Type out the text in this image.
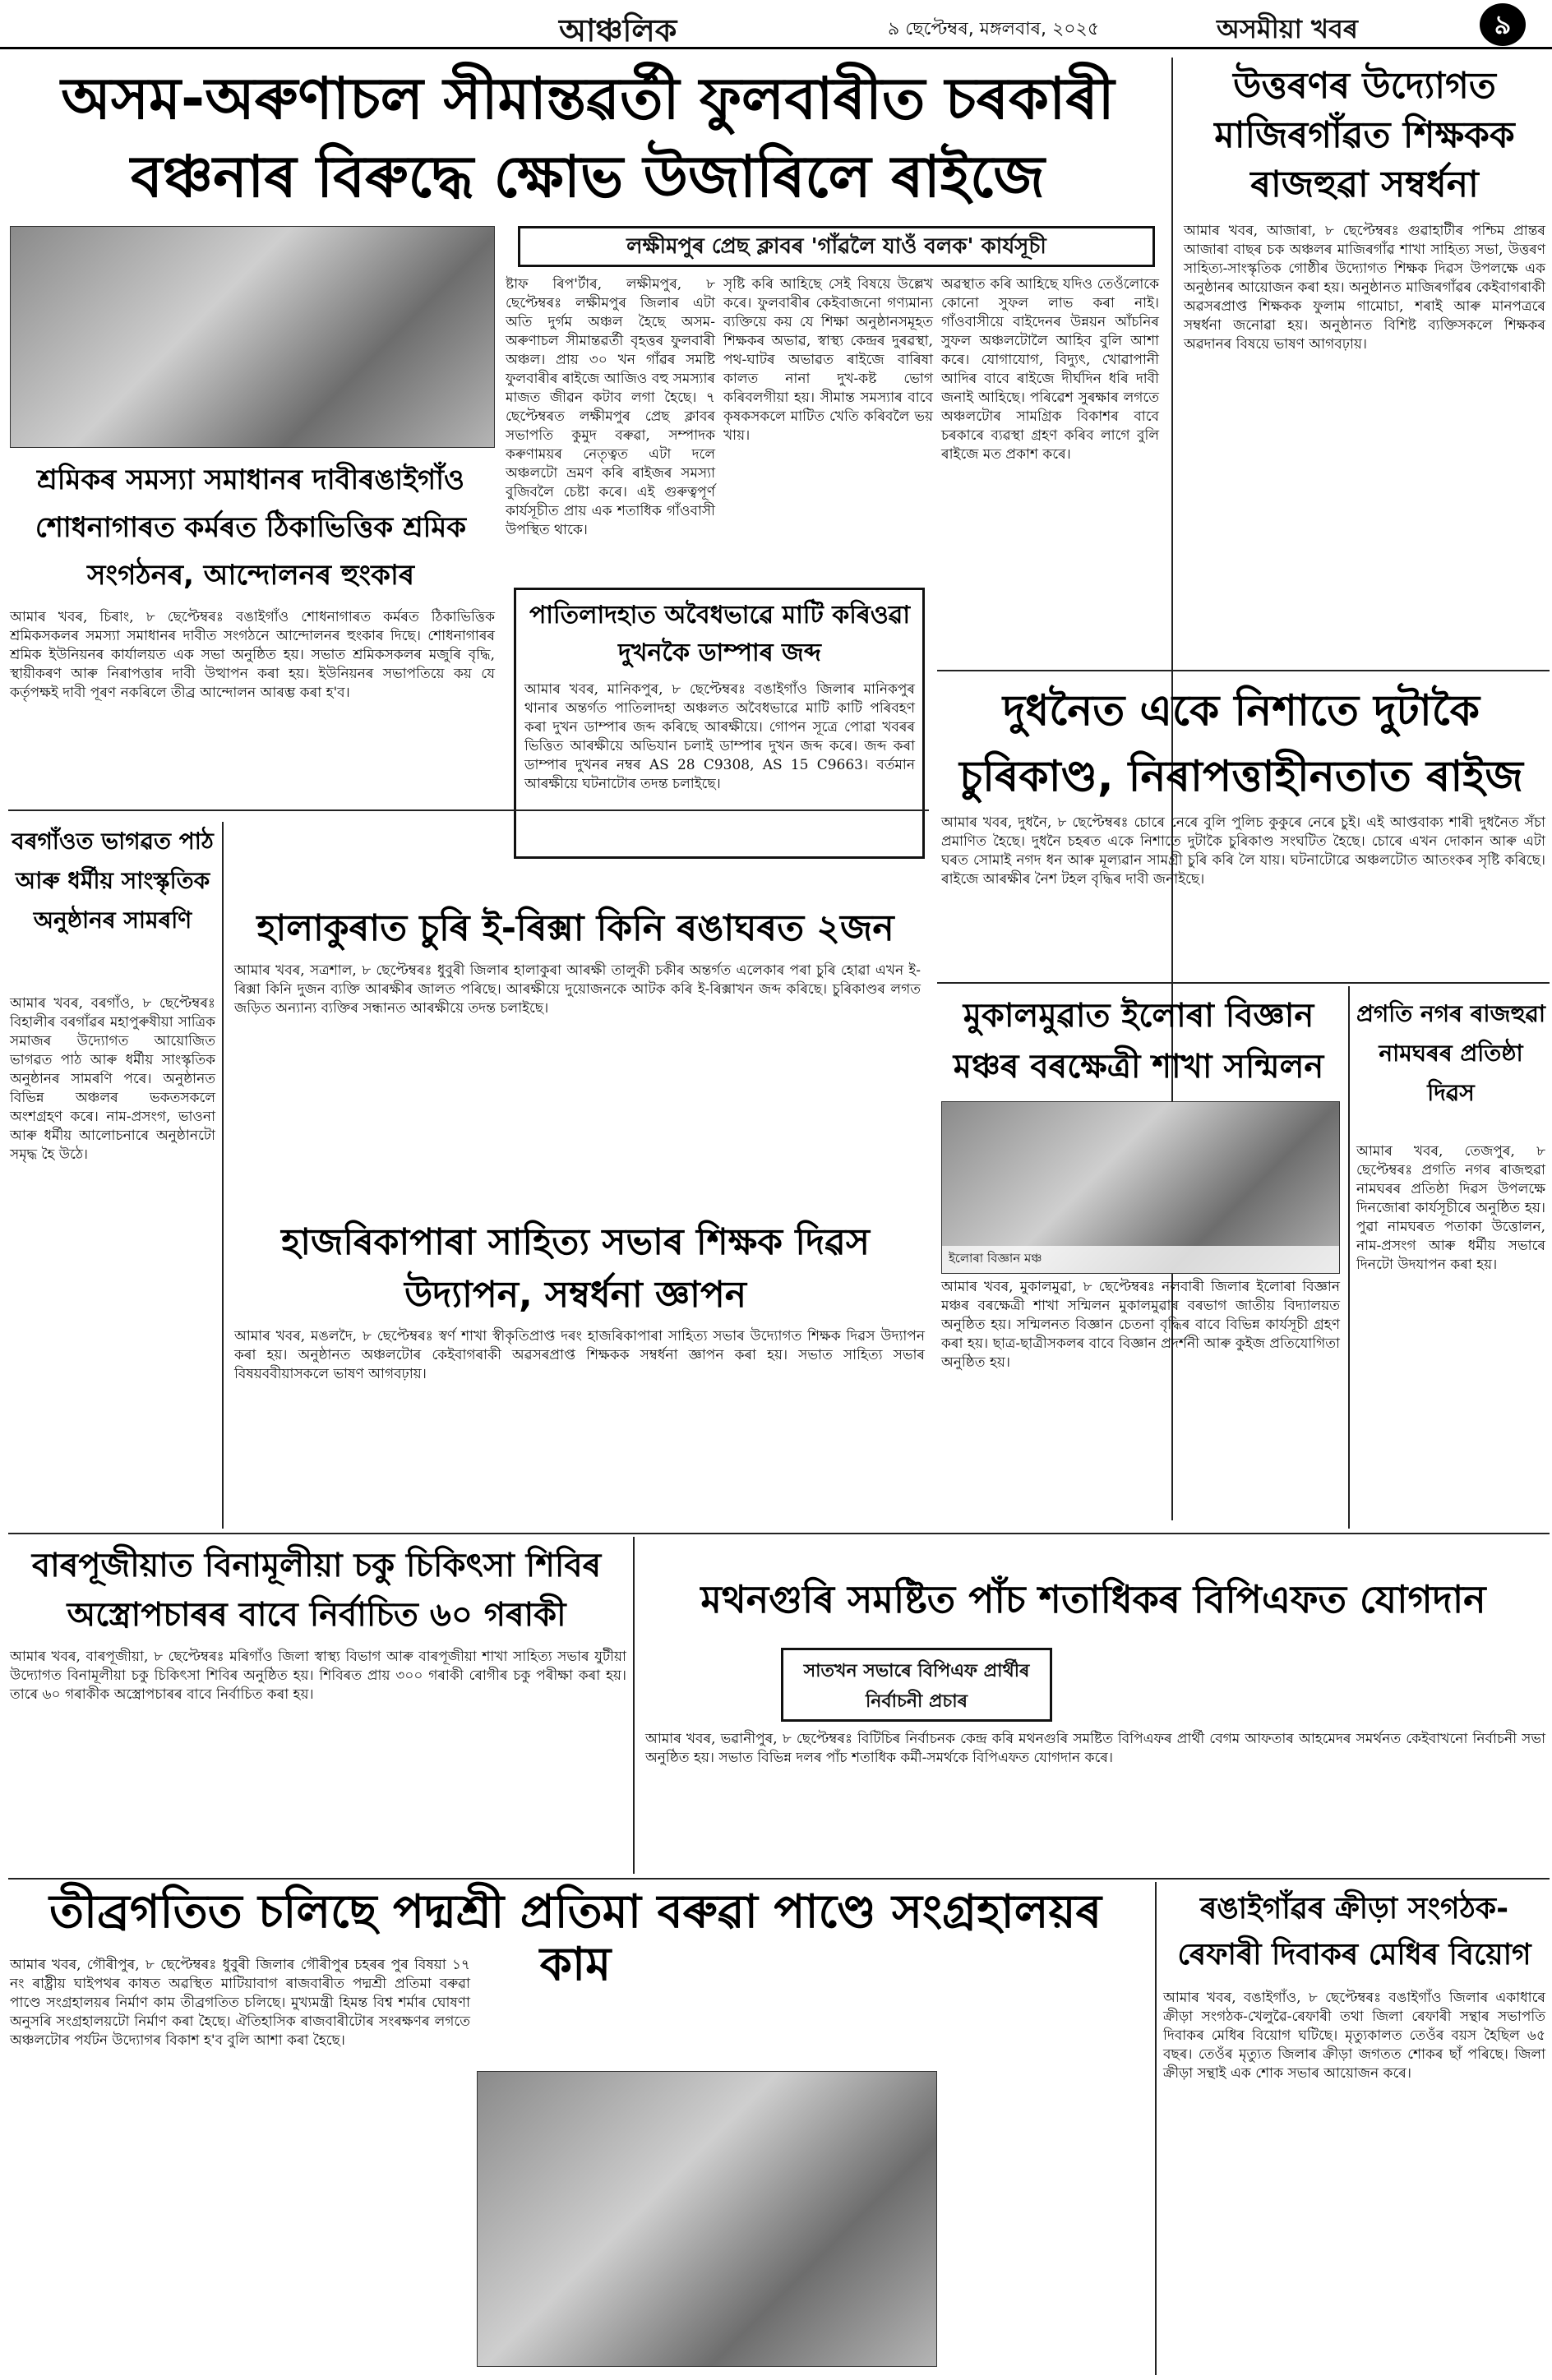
আঞ্চলিক	৯ ছেপ্টেম্বৰ, মঙ্গলবাৰ, ২০২৫	অসমীয়া খবৰ	৯
অসম-অৰুণাচল সীমান্তৱৰ্তী ফুলবাৰীত চৰকাৰী
বঞ্চনাৰ বিৰুদ্ধে ক্ষোভ উজাৰিলে ৰাইজে
উত্তৰণৰ উদ্যোগত মাজিৰগাঁৱত শিক্ষকক ৰাজহুৱা সম্বৰ্ধনা
আমাৰ খবৰ, আজাৰা, ৮ ছেপ্টেম্বৰঃ গুৱাহাটীৰ পশ্চিম প্ৰান্তৰ আজাৰা বাছৰ চক অঞ্চলৰ মাজিৰগাঁৱ শাখা সাহিত্য সভা, উত্তৰণ সাহিত্য-সাংস্কৃতিক গোষ্ঠীৰ উদ্যোগত শিক্ষক দিৱস উপলক্ষে এক অনুষ্ঠানৰ আয়োজন কৰা হয়। অনুষ্ঠানত মাজিৰগাঁৱৰ কেইবাগৰাকী অৱসৰপ্ৰাপ্ত শিক্ষকক ফুলাম গামোচা, শৰাই আৰু মানপত্ৰৰে সম্বৰ্ধনা জনোৱা হয়। অনুষ্ঠানত বিশিষ্ট ব্যক্তিসকলে শিক্ষকৰ অৱদানৰ বিষয়ে ভাষণ আগবঢ়ায়।
লক্ষীমপুৰ প্ৰেছ ক্লাবৰ 'গাঁৱলৈ যাওঁ বলক' কাৰ্যসূচী
ষ্টাফ ৰিপ'ৰ্টাৰ, লক্ষীমপুৰ, ৮ ছেপ্টেম্বৰঃ লক্ষীমপুৰ জিলাৰ এটা অতি দুৰ্গম অঞ্চল হৈছে অসম-অৰুণাচল সীমান্তৱৰ্তী বৃহত্তৰ ফুলবাৰী অঞ্চল। প্ৰায় ৩০ খন গাঁৱৰ সমষ্টি ফুলবাৰীৰ ৰাইজে আজিও বহু সমস্যাৰ মাজত জীৱন কটাব লগা হৈছে। ৭ ছেপ্টেম্বৰত লক্ষীমপুৰ প্ৰেছ ক্লাবৰ সভাপতি কুমুদ বৰুৱা, সম্পাদক কৰুণাময়ৰ নেতৃত্বত এটা দলে অঞ্চলটো ভ্ৰমণ কৰি ৰাইজৰ সমস্যা বুজিবলৈ চেষ্টা কৰে। এই গুৰুত্বপূৰ্ণ কাৰ্যসূচীত প্ৰায় এক শতাধিক গাঁওবাসী উপস্থিত থাকে।
সৃষ্টি কৰি আহিছে সেই বিষয়ে উল্লেখ কৰে। ফুলবাৰীৰ কেইবাজনো গণ্যমান্য ব্যক্তিয়ে কয় যে শিক্ষা অনুষ্ঠানসমূহত শিক্ষকৰ অভাৱ, স্বাস্থ্য কেন্দ্ৰৰ দুৰৱস্থা, পথ-ঘাটৰ অভাৱত ৰাইজে বাৰিষা কালত নানা দুখ-কষ্ট ভোগ কৰিবলগীয়া হয়। সীমান্ত সমস্যাৰ বাবে কৃষকসকলে মাটিত খেতি কৰিবলৈ ভয় খায়।
অৱস্থাত কৰি আহিছে যদিও তেওঁলোকে কোনো সুফল লাভ কৰা নাই। গাঁওবাসীয়ে বাইদেনৰ উন্নয়ন আঁচনিৰ সুফল অঞ্চলটোলৈ আহিব বুলি আশা কৰে। যোগাযোগ, বিদ্যুৎ, খোৱাপানী আদিৰ বাবে ৰাইজে দীৰ্ঘদিন ধৰি দাবী জনাই আহিছে। পৰিৱেশ সুৰক্ষাৰ লগতে অঞ্চলটোৰ সামগ্ৰিক বিকাশৰ বাবে চৰকাৰে ব্যৱস্থা গ্ৰহণ কৰিব লাগে বুলি ৰাইজে মত প্ৰকাশ কৰে।
শ্ৰমিকৰ সমস্যা সমাধানৰ দাবীৰঙাইগাঁও শোধনাগাৰত কৰ্মৰত ঠিকাভিত্তিক শ্ৰমিক সংগঠনৰ, আন্দোলনৰ হুংকাৰ
আমাৰ খবৰ, চিৰাং, ৮ ছেপ্টেম্বৰঃ বঙাইগাঁও শোধনাগাৰত কৰ্মৰত ঠিকাভিত্তিক শ্ৰমিকসকলৰ সমস্যা সমাধানৰ দাবীত সংগঠনে আন্দোলনৰ হুংকাৰ দিছে। শোধনাগাৰৰ শ্ৰমিক ইউনিয়নৰ কাৰ্যালয়ত এক সভা অনুষ্ঠিত হয়। সভাত শ্ৰমিকসকলৰ মজুৰি বৃদ্ধি, স্থায়ীকৰণ আৰু নিৰাপত্তাৰ দাবী উত্থাপন কৰা হয়। ইউনিয়নৰ সভাপতিয়ে কয় যে কৰ্তৃপক্ষই দাবী পূৰণ নকৰিলে তীব্ৰ আন্দোলন আৰম্ভ কৰা হ'ব।
পাতিলাদহাত অবৈধভাৱে মাটি কৰিওৱা দুখনকৈ ডাম্পাৰ জব্দ
আমাৰ খবৰ, মানিকপুৰ, ৮ ছেপ্টেম্বৰঃ বঙাইগাঁও জিলাৰ মানিকপুৰ থানাৰ অন্তৰ্গত পাতিলাদহা অঞ্চলত অবৈধভাৱে মাটি কাটি পৰিবহণ কৰা দুখন ডাম্পাৰ জব্দ কৰিছে আৰক্ষীয়ে। গোপন সূত্ৰে পোৱা খবৰৰ ভিত্তিত আৰক্ষীয়ে অভিযান চলাই ডাম্পাৰ দুখন জব্দ কৰে। জব্দ কৰা ডাম্পাৰ দুখনৰ নম্বৰ AS 28 C9308, AS 15 C9663। বৰ্তমান আৰক্ষীয়ে ঘটনাটোৰ তদন্ত চলাইছে।
দুধনৈত একে নিশাতে দুটাকৈ চুৰিকাণ্ড, নিৰাপত্তাহীনতাত ৰাইজ
আমাৰ খবৰ, দুধনৈ, ৮ ছেপ্টেম্বৰঃ চোৰে নেৰে বুলি পুলিচ কুকুৰে নেৰে চুই। এই আপ্তবাক্য শাৰী দুধনৈত সঁচা প্ৰমাণিত হৈছে। দুধনৈ চহৰত একে নিশাতে দুটাকৈ চুৰিকাণ্ড সংঘটিত হৈছে। চোৰে এখন দোকান আৰু এটা ঘৰত সোমাই নগদ ধন আৰু মূল্যৱান সামগ্ৰী চুৰি কৰি লৈ যায়। ঘটনাটোৱে অঞ্চলটোত আতংকৰ সৃষ্টি কৰিছে। ৰাইজে আৰক্ষীৰ নৈশ টহল বৃদ্ধিৰ দাবী জনাইছে।
বৰগাঁওত ভাগৱত পাঠ আৰু ধৰ্মীয় সাংস্কৃতিক অনুষ্ঠানৰ সামৰণি
আমাৰ খবৰ, বৰগাঁও, ৮ ছেপ্টেম্বৰঃ বিহালীৰ বৰগাঁৱৰ মহাপুৰুষীয়া সাত্ৰিক সমাজৰ উদ্যোগত আয়োজিত ভাগৱত পাঠ আৰু ধৰ্মীয় সাংস্কৃতিক অনুষ্ঠানৰ সামৰণি পৰে। অনুষ্ঠানত বিভিন্ন অঞ্চলৰ ভকতসকলে অংশগ্ৰহণ কৰে। নাম-প্ৰসংগ, ভাওনা আৰু ধৰ্মীয় আলোচনাৰে অনুষ্ঠানটো সমৃদ্ধ হৈ উঠে।
হালাকুৰাত চুৰি ই-ৰিক্সা কিনি ৰঙাঘৰত ২জন
আমাৰ খবৰ, সত্ৰশাল, ৮ ছেপ্টেম্বৰঃ ধুবুৰী জিলাৰ হালাকুৰা আৰক্ষী তালুকী চকীৰ অন্তৰ্গত এলেকাৰ পৰা চুৰি হোৱা এখন ই-ৰিক্সা কিনি দুজন ব্যক্তি আৰক্ষীৰ জালত পৰিছে। আৰক্ষীয়ে দুয়োজনকে আটক কৰি ই-ৰিক্সাখন জব্দ কৰিছে। চুৰিকাণ্ডৰ লগত জড়িত অন্যান্য ব্যক্তিৰ সন্ধানত আৰক্ষীয়ে তদন্ত চলাইছে।	মুকালমুৱাত ইলোৰা বিজ্ঞান মঞ্চৰ বৰক্ষেত্ৰী শাখা সন্মিলন
ইলোৰা বিজ্ঞান মঞ্চ
আমাৰ খবৰ, মুকালমুৱা, ৮ ছেপ্টেম্বৰঃ নলবাৰী জিলাৰ ইলোৰা বিজ্ঞান মঞ্চৰ বৰক্ষেত্ৰী শাখা সন্মিলন মুকালমুৱাৰ বৰভাগ জাতীয় বিদ্যালয়ত অনুষ্ঠিত হয়। সন্মিলনত বিজ্ঞান চেতনা বৃদ্ধিৰ বাবে বিভিন্ন কাৰ্যসূচী গ্ৰহণ কৰা হয়। ছাত্ৰ-ছাত্ৰীসকলৰ বাবে বিজ্ঞান প্ৰদৰ্শনী আৰু কুইজ প্ৰতিযোগিতা অনুষ্ঠিত হয়।
প্ৰগতি নগৰ ৰাজহুৱা নামঘৰৰ প্ৰতিষ্ঠা দিৱস
আমাৰ খবৰ, তেজপুৰ, ৮ ছেপ্টেম্বৰঃ প্ৰগতি নগৰ ৰাজহুৱা নামঘৰৰ প্ৰতিষ্ঠা দিৱস উপলক্ষে দিনজোৰা কাৰ্যসূচীৰে অনুষ্ঠিত হয়। পুৱা নামঘৰত পতাকা উত্তোলন, নাম-প্ৰসংগ আৰু ধৰ্মীয় সভাৰে দিনটো উদযাপন কৰা হয়।
হাজৰিকাপাৰা সাহিত্য সভাৰ শিক্ষক দিৱস উদ্যাপন, সম্বৰ্ধনা জ্ঞাপন
আমাৰ খবৰ, মঙলদৈ, ৮ ছেপ্টেম্বৰঃ স্বৰ্ণ শাখা স্বীকৃতিপ্ৰাপ্ত দৰং হাজৰিকাপাৰা সাহিত্য সভাৰ উদ্যোগত শিক্ষক দিৱস উদ্যাপন কৰা হয়। অনুষ্ঠানত অঞ্চলটোৰ কেইবাগৰাকী অৱসৰপ্ৰাপ্ত শিক্ষকক সম্বৰ্ধনা জ্ঞাপন কৰা হয়। সভাত সাহিত্য সভাৰ বিষয়ববীয়াসকলে ভাষণ আগবঢ়ায়।
বাৰপূজীয়াত বিনামূলীয়া চকু চিকিৎসা শিবিৰ অস্ত্ৰোপচাৰৰ বাবে নিৰ্বাচিত ৬০ গৰাকী
আমাৰ খবৰ, বাৰপূজীয়া, ৮ ছেপ্টেম্বৰঃ মৰিগাঁও জিলা স্বাস্থ্য বিভাগ আৰু বাৰপূজীয়া শাখা সাহিত্য সভাৰ যুটীয়া উদ্যোগত বিনামূলীয়া চকু চিকিৎসা শিবিৰ অনুষ্ঠিত হয়। শিবিৰত প্ৰায় ৩০০ গৰাকী ৰোগীৰ চকু পৰীক্ষা কৰা হয়। তাৰে ৬০ গৰাকীক অস্ত্ৰোপচাৰৰ বাবে নিৰ্বাচিত কৰা হয়।
মথনগুৰি সমষ্টিত পাঁচ শতাধিকৰ বিপিএফত যোগদান
সাতখন সভাৰে বিপিএফ প্ৰাৰ্থীৰ নিৰ্বাচনী প্ৰচাৰ
আমাৰ খবৰ, ভৱানীপুৰ, ৮ ছেপ্টেম্বৰঃ বিটিচিৰ নিৰ্বাচনক কেন্দ্ৰ কৰি মথনগুৰি সমষ্টিত বিপিএফৰ প্ৰাৰ্থী বেগম আফতাৰ আহমেদৰ সমৰ্থনত কেইবাখনো নিৰ্বাচনী সভা অনুষ্ঠিত হয়। সভাত বিভিন্ন দলৰ পাঁচ শতাধিক কৰ্মী-সমৰ্থকে বিপিএফত যোগদান কৰে।
তীব্ৰগতিত চলিছে পদ্মশ্ৰী প্ৰতিমা বৰুৱা পাণ্ডে সংগ্ৰহালয়ৰ কাম
আমাৰ খবৰ, গৌৰীপুৰ, ৮ ছেপ্টেম্বৰঃ ধুবুৰী জিলাৰ গৌৰীপুৰ চহৰৰ পুৰ বিষয়া ১৭ নং ৰাষ্ট্ৰীয় ঘাইপথৰ কাষত অৱস্থিত মাটিয়াবাগ ৰাজবাৰীত পদ্মশ্ৰী প্ৰতিমা বৰুৱা পাণ্ডে সংগ্ৰহালয়ৰ নিৰ্মাণ কাম তীব্ৰগতিত চলিছে। মুখ্যমন্ত্ৰী হিমন্ত বিশ্ব শৰ্মাৰ ঘোষণা অনুসৰি সংগ্ৰহালয়টো নিৰ্মাণ কৰা হৈছে। ঐতিহাসিক ৰাজবাৰীটোৰ সংৰক্ষণৰ লগতে অঞ্চলটোৰ পৰ্যটন উদ্যোগৰ বিকাশ হ'ব বুলি আশা কৰা হৈছে।
ৰঙাইগাঁৱৰ ক্ৰীড়া সংগঠক-ৰেফাৰী দিবাকৰ মেধিৰ বিয়োগ
আমাৰ খবৰ, বঙাইগাঁও, ৮ ছেপ্টেম্বৰঃ বঙাইগাঁও জিলাৰ একাধাৰে ক্ৰীড়া সংগঠক-খেলুৱৈ-ৰেফাৰী তথা জিলা ৰেফাৰী সন্থাৰ সভাপতি দিবাকৰ মেধিৰ বিয়োগ ঘটিছে। মৃত্যুকালত তেওঁৰ বয়স হৈছিল ৬৫ বছৰ। তেওঁৰ মৃত্যুত জিলাৰ ক্ৰীড়া জগতত শোকৰ ছাঁ পৰিছে। জিলা ক্ৰীড়া সন্থাই এক শোক সভাৰ আয়োজন কৰে।
